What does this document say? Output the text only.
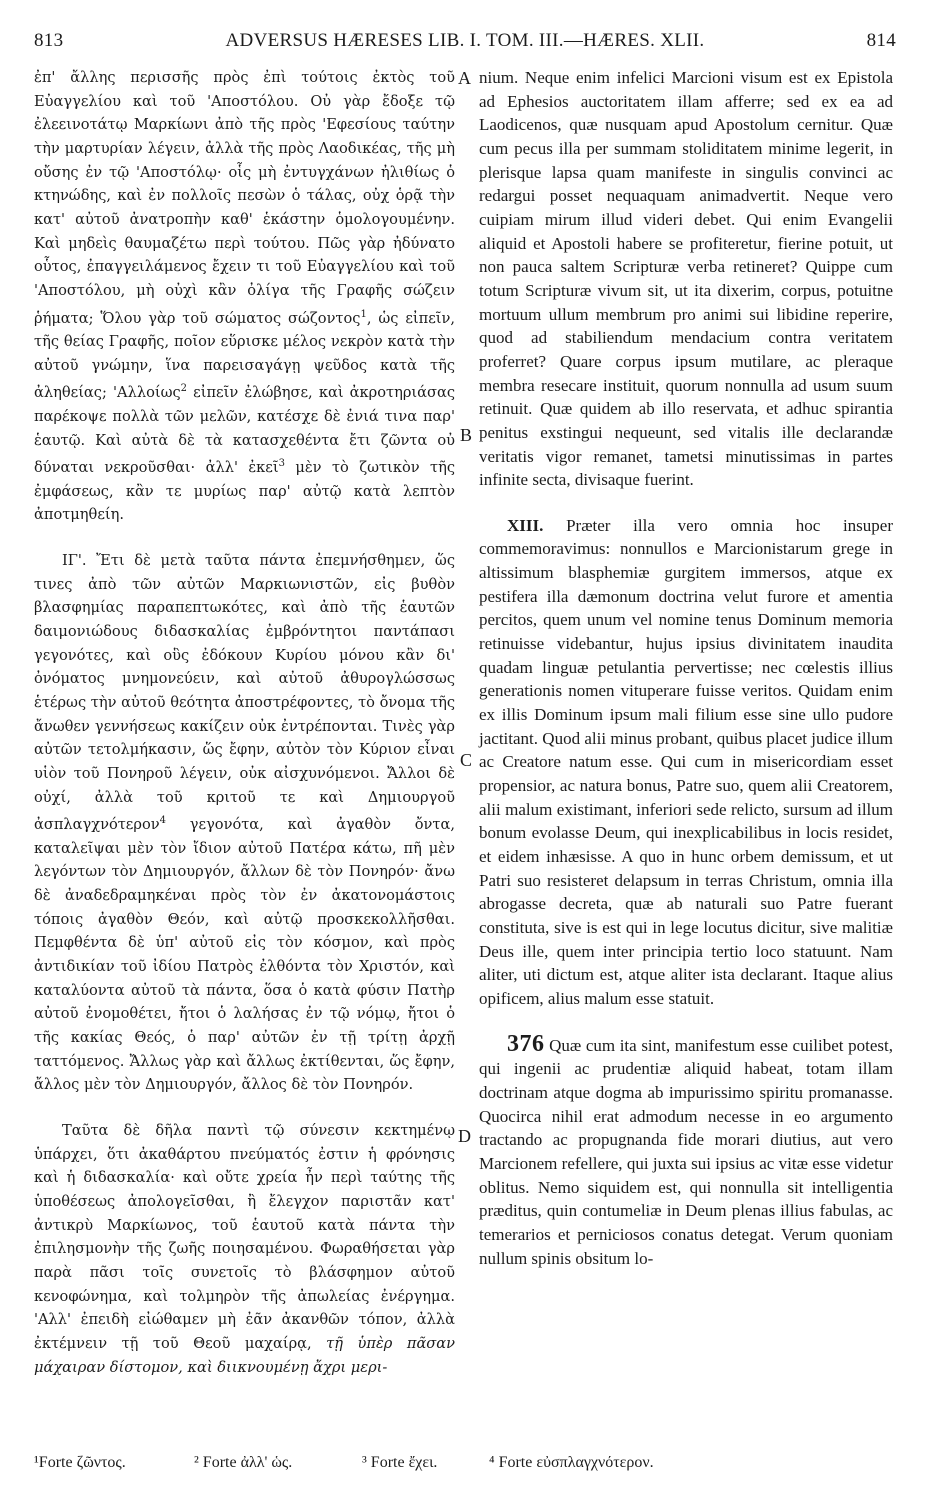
813	ADVERSUS HÆRESES LIB. I. TOM. III.—HÆRES. XLII.	814

ἐπ' ἄλλης περισσῆς πρὸς ἐπὶ τούτοις ἐκτὸς τοῦ Εὐαγγελίου καὶ τοῦ 'Αποστόλου. Οὐ γὰρ ἔδοξε τῷ ἐλεεινοτάτῳ Μαρκίωνι ἀπὸ τῆς πρὸς 'Εφεσίους ταύτην τὴν μαρτυρίαν λέγειν, ἀλλὰ τῆς πρὸς Λαοδικέας, τῆς μὴ οὔσης ἐν τῷ 'Αποστόλῳ· οἷς μὴ ἐντυγχάνων ἠλιθίως ὁ κτηνώδης, καὶ ἐν πολλοῖς πεσὼν ὁ τάλας, οὐχ ὁρᾷ τὴν κατ' αὐτοῦ ἀνατροπὴν καθ' ἑκάστην ὁμολογουμένην. Καὶ μηδεὶς θαυμαζέτω περὶ τούτου. Πῶς γὰρ ἠδύνατο οὗτος, ἐπαγγειλάμενος ἔχειν τι τοῦ Εὐαγγελίου καὶ τοῦ 'Αποστόλου, μὴ οὐχὶ κἂν ὀλίγα τῆς Γραφῆς σώζειν ῥήματα; Ὅλου γὰρ τοῦ σώματος σώζοντος$^1$, ὡς εἰπεῖν, τῆς θείας Γραφῆς, ποῖον εὕρισκε μέλος νεκρὸν κατὰ τὴν αὐτοῦ γνώμην, ἵνα παρεισαγάγῃ ψεῦδος κατὰ τῆς ἀληθείας; 'Αλλοίως$^2$ εἰπεῖν ἐλώβησε, καὶ ἀκροτηριάσας παρέκοψε πολλὰ τῶν μελῶν, κατέσχε δὲ ἐνιά τινα παρ' ἑαυτῷ. Καὶ αὐτὰ δὲ τὰ κατασχεθέντα ἔτι ζῶντα οὐ δύναται νεκροῦσθαι· ἀλλ' ἐκεῖ$^3$ μὲν τὸ ζωτικὸν τῆς ἐμφάσεως, κἂν τε μυρίως παρ' αὐτῷ κατὰ λεπτὸν ἀποτμηθείη.

ΙΓ'. Ἔτι δὲ μετὰ ταῦτα πάντα ἐπεμνήσθημεν, ὥς τινες ἀπὸ τῶν αὐτῶν Μαρκιωνιστῶν, εἰς βυθὸν βλασφημίας παραπεπτωκότες, καὶ ἀπὸ τῆς ἑαυτῶν δαιμονιώδους διδασκαλίας ἐμβρόντητοι παντάπασι γεγονότες, καὶ οὓς ἐδόκουν Κυρίου μόνου κἂν δι' ὀνόματος μνημονεύειν, καὶ αὐτοῦ ἀθυρογλώσσως ἑτέρως τὴν αὐτοῦ θεότητα ἀποστρέφοντες, τὸ ὄνομα τῆς ἄνωθεν γεννήσεως κακίζειν οὐκ ἐντρέπονται. Τινὲς γὰρ αὐτῶν τετολμήκασιν, ὥς ἔφην, αὐτὸν τὸν Κύριον εἶναι υἱὸν τοῦ Πονηροῦ λέγειν, οὐκ αἰσχυνόμενοι. Ἄλλοι δὲ οὐχί, ἀλλὰ τοῦ κριτοῦ τε καὶ Δημιουργοῦ ἀσπλαγχνότερον$^4$ γεγονότα, καὶ ἀγαθὸν ὄντα, καταλεῖψαι μὲν τὸν ἴδιον αὐτοῦ Πατέρα κάτω, πῆ μὲν λεγόντων τὸν Δημιουργόν, ἄλλων δὲ τὸν Πονηρόν· ἄνω δὲ ἀναδεδραμηκέναι πρὸς τὸν ἐν ἀκατονομάστοις τόποις ἀγαθὸν Θεόν, καὶ αὐτῷ προσκεκολλῆσθαι. Πεμφθέντα δὲ ὑπ' αὐτοῦ εἰς τὸν κόσμον, καὶ πρὸς ἀντιδικίαν τοῦ ἰδίου Πατρὸς ἐλθόντα τὸν Χριστόν, καὶ καταλύοντα αὐτοῦ τὰ πάντα, ὅσα ὁ κατὰ φύσιν Πατὴρ αὐτοῦ ἐνομοθέτει, ἤτοι ὁ λαλήσας ἐν τῷ νόμῳ, ἤτοι ὁ τῆς κακίας Θεός, ὁ παρ' αὐτῶν ἐν τῇ τρίτῃ ἀρχῇ ταττόμενος. Ἄλλως γὰρ καὶ ἄλλως ἐκτίθενται, ὥς ἔφην, ἄλλος μὲν τὸν Δημιουργόν, ἄλλος δὲ τὸν Πονηρόν.

Ταῦτα δὲ δῆλα παντὶ τῷ σύνεσιν κεκτημένῳ ὑπάρχει, ὅτι ἀκαθάρτου πνεύματός ἐστιν ἡ φρόνησις καὶ ἡ διδασκαλία· καὶ οὔτε χρεία ἦν περὶ ταύτης τῆς ὑποθέσεως ἀπολογεῖσθαι, ἢ ἔλεγχον παριστᾶν κατ' ἀντικρὺ Μαρκίωνος, τοῦ ἑαυτοῦ κατὰ πάντα τὴν ἐπιλησμονὴν τῆς ζωῆς ποιησαμένου. Φωραθήσεται γὰρ παρὰ πᾶσι τοῖς συνετοῖς τὸ βλάσφημον αὐτοῦ κενοφώνημα, καὶ τολμηρὸν τῆς ἀπωλείας ἐνέργημα. 'Αλλ' ἐπειδὴ εἰώθαμεν μὴ ἐᾶν ἀκανθῶν τόπον, ἀλλὰ ἐκτέμνειν τῇ τοῦ Θεοῦ μαχαίρᾳ, τῇ ὑπὲρ πᾶσαν μάχαιραν δίστομον, καὶ διικνουμένῃ ἄχρι μερι-

nium. Neque enim infelici Marcioni visum est ex Epistola ad Ephesios auctoritatem illam afferre; sed ex ea ad Laodicenos, quæ nusquam apud Apostolum cernitur. Quæ cum pecus illa per summam stoliditatem minime legerit, in plerisque lapsa quam manifeste in singulis convinci ac redargui posset nequaquam animadvertit. Neque vero cuipiam mirum illud videri debet. Qui enim Evangelii aliquid et Apostoli habere se profiteretur, fierine potuit, ut non pauca saltem Scripturæ verba retineret? Quippe cum totum Scripturæ vivum sit, ut ita dixerim, corpus, potuitne mortuum ullum membrum pro animi sui libidine reperire, quod ad stabiliendum mendacium contra veritatem proferret? Quare corpus ipsum mutilare, ac pleraque membra resecare instituit, quorum nonnulla ad usum suum retinuit. Quæ quidem ab illo reservata, et adhuc spirantia penitus exstingui nequeunt, sed vitalis ille declarandæ veritatis vigor remanet, tametsi minutissimas in partes infinite secta, divisaque fuerint.

XIII. Præter illa vero omnia hoc insuper commemoravimus: nonnullos e Marcionistarum grege in altissimum blasphemiæ gurgitem immersos, atque ex pestifera illa dæmonum doctrina velut furore et amentia percitos, quem unum vel nomine tenus Dominum memoria retinuisse videbantur, hujus ipsius divinitatem inaudita quadam linguæ petulantia pervertisse; nec cœlestis illius generationis nomen vituperare fuisse veritos. Quidam enim ex illis Dominum ipsum mali filium esse sine ullo pudore jactitant. Quod alii minus probant, quibus placet judice illum ac Creatore natum esse. Qui cum in misericordiam esset propensior, ac natura bonus, Patre suo, quem alii Creatorem, alii malum existimant, inferiori sede relicto, sursum ad illum bonum evolasse Deum, qui inexplicabilibus in locis residet, et eidem inhæsisse. A quo in hunc orbem demissum, et ut Patri suo resisteret delapsum in terras Christum, omnia illa abrogasse decreta, quæ ab naturali suo Patre fuerant constituta, sive is est qui in lege locutus dicitur, sive malitiæ Deus ille, quem inter principia tertio loco statuunt. Nam aliter, uti dictum est, atque aliter ista declarant. Itaque alius opificem, alius malum esse statuit.

376 Quæ cum ita sint, manifestum esse cuilibet potest, qui ingenii ac prudentiæ aliquid habeat, totam illam doctrinam atque dogma ab impurissimo spiritu promanasse. Quocirca nihil erat admodum necesse in eo argumento tractando ac propugnanda fide morari diutius, aut vero Marcionem refellere, qui juxta sui ipsius ac vitæ esse videtur oblitus. Nemo siquidem est, qui nonnulla sit intelligentia præditus, quin contumeliæ in Deum plenas illius fabulas, ac temerarios et perniciosos conatus detegat. Verum quoniam nullum spinis obsitum lo-

A
B
C
D
¹Forte ζῶντος.	² Forte ἀλλ' ὡς.	³ Forte ἔχει.	⁴ Forte εὐσπλαγχνότερον.
